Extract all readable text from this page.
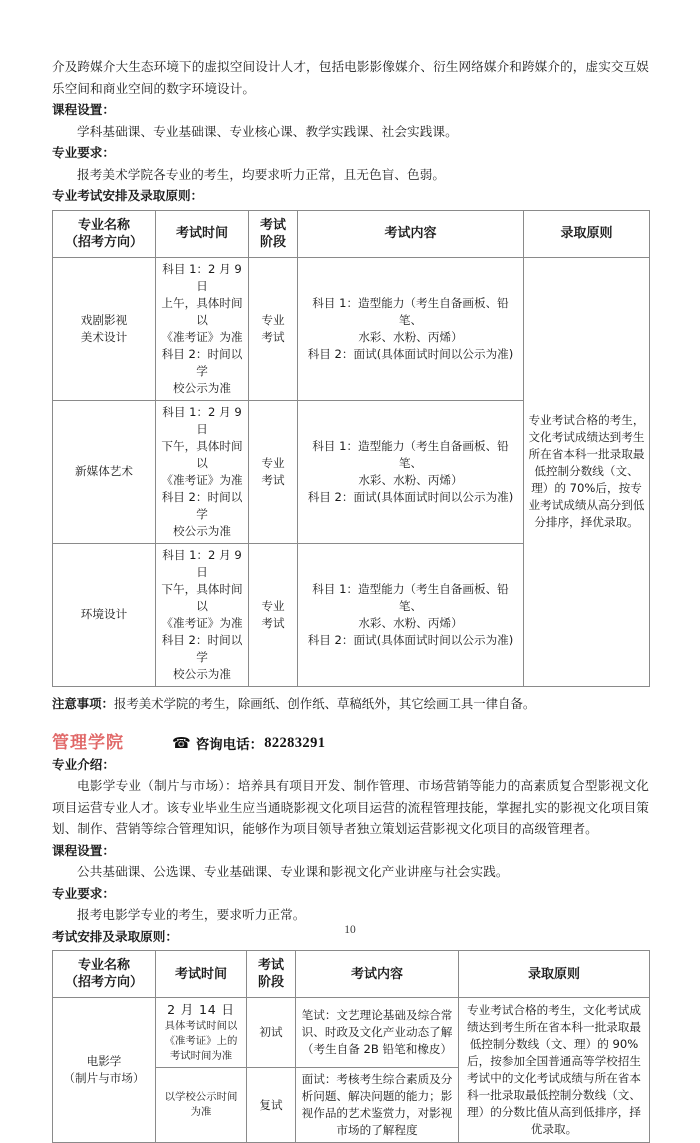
介及跨媒介大生态环境下的虚拟空间设计人才，包括电影影像媒介、衍生网络媒介和跨媒介的，虚实交互娱乐空间和商业空间的数字环境设计。

课程设置：

学科基础课、专业基础课、专业核心课、教学实践课、社会实践课。

专业要求：

报考美术学院各专业的考生，均要求听力正常，且无色盲、色弱。

专业考试安排及录取原则：

专业名称
（招考方向）	考试时间	考试
阶段	考试内容	录取原则
戏剧影视
美术设计	科目 1：2 月 9 日
上午，具体时间以
《准考证》为准
科目 2：时间以学
校公示为准	专业
考试	科目 1：造型能力（考生自备画板、铅笔、
水彩、水粉、丙烯）
科目 2：面试(具体面试时间以公示为准)	专业考试合格的考生，文化考试成绩达到考生所在省本科一批录取最低控制分数线（文、理）的 70%后，按专业考试成绩从高分到低分排序，择优录取。
新媒体艺术	科目 1：2 月 9 日
下午，具体时间以
《准考证》为准
科目 2：时间以学
校公示为准	专业
考试	科目 1：造型能力（考生自备画板、铅笔、
水彩、水粉、丙烯）
科目 2：面试(具体面试时间以公示为准)	
环境设计	科目 1：2 月 9 日
下午，具体时间以
《准考证》为准
科目 2：时间以学
校公示为准	专业
考试	科目 1：造型能力（考生自备画板、铅笔、
水彩、水粉、丙烯）
科目 2：面试(具体面试时间以公示为准)	

注意事项：报考美术学院的考生，除画纸、创作纸、草稿纸外，其它绘画工具一律自备。

管理学院	☎ 咨询电话： 82283291

专业介绍：

电影学专业（制片与市场）：培养具有项目开发、制作管理、市场营销等能力的高素质复合型影视文化项目运营专业人才。该专业毕业生应当通晓影视文化项目运营的流程管理技能，掌握扎实的影视文化项目策划、制作、营销等综合管理知识，能够作为项目领导者独立策划运营影视文化项目的高级管理者。

课程设置：

公共基础课、公选课、专业基础课、专业课和影视文化产业讲座与社会实践。

专业要求：

报考电影学专业的考生，要求听力正常。

考试安排及录取原则：

专业名称
（招考方向）	考试时间	考试
阶段	考试内容	录取原则
电影学
（制片与市场）	2 月 14 日
具体考试时间以
《准考证》上的
考试时间为准	初试	笔试：文艺理论基础及综合常识、时政及文化产业动态了解（考生自备 2B 铅笔和橡皮）	专业考试合格的考生，文化考试成绩达到考生所在省本科一批录取最低控制分数线（文、理）的 90%后，按参加全国普通高等学校招生考试中的文化考试成绩与所在省本科一批录取最低控制分数线（文、理）的分数比值从高到低排序，择优录取。

	以学校公示时间
为准	复试	面试：考核考生综合素质及分析问题、解决问题的能力；影视作品的艺术鉴赏力，对影视市场的了解程度	
10
